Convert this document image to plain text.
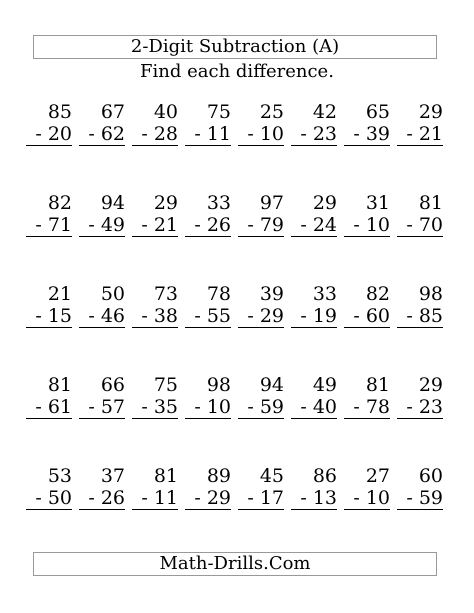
2-Digit Subtraction (A)
Find each difference.
85
- 20
67
- 62
40
- 28
75
- 11
25
- 10
42
- 23
65
- 39
29
- 21
82
- 71
94
- 49
29
- 21
33
- 26
97
- 79
29
- 24
31
- 10
81
- 70
21
- 15
50
- 46
73
- 38
78
- 55
39
- 29
33
- 19
82
- 60
98
- 85
81
- 61
66
- 57
75
- 35
98
- 10
94
- 59
49
- 40
81
- 78
29
- 23
53
- 50
37
- 26
81
- 11
89
- 29
45
- 17
86
- 13
27
- 10
60
- 59
Math-Drills.Com
